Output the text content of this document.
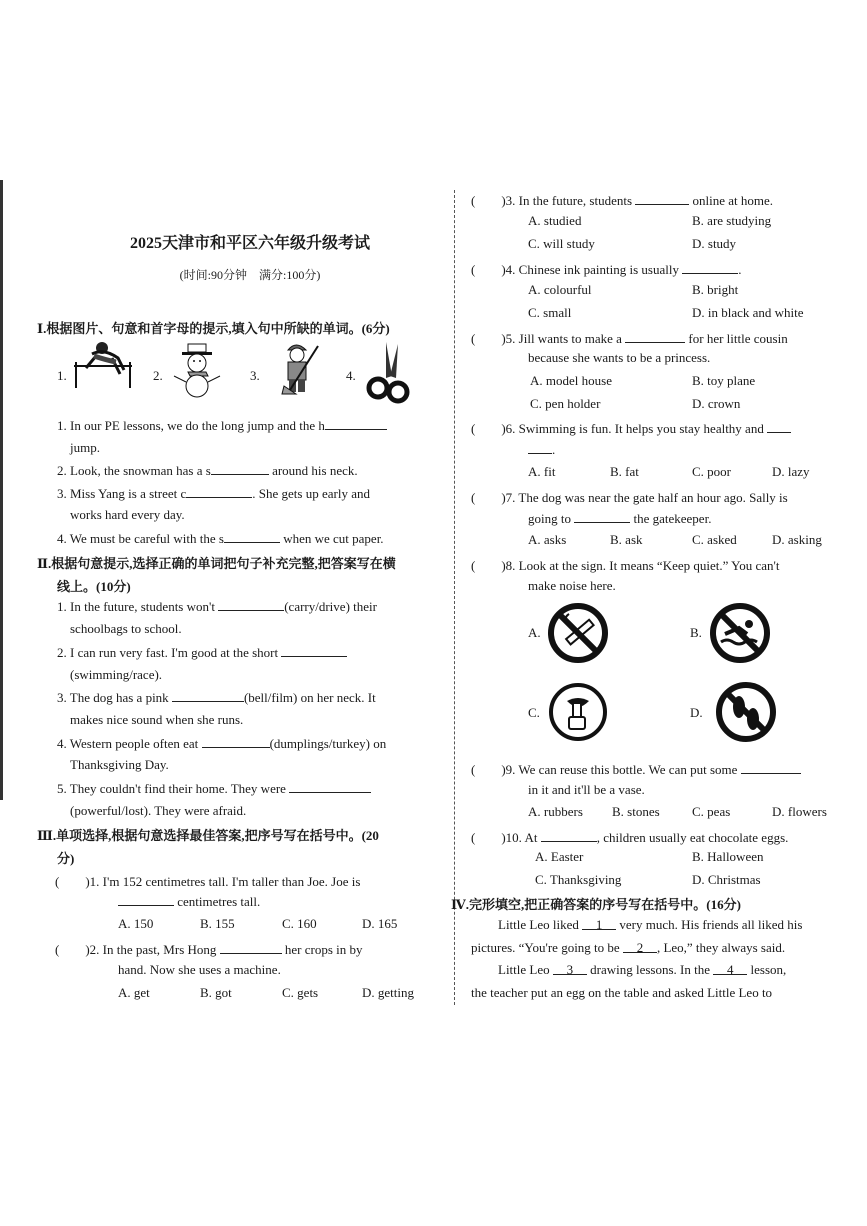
2025天津市和平区六年级升级考试
(时间:90分钟　满分:100分)
Ⅰ.根据图片、句意和首字母的提示,填入句中所缺的单词。(6分)
1.	2.	3.	4.
1. In our PE lessons, we do the long jump and the h
jump.
2. Look, the snowman has a s	around his neck.
3. Miss Yang is a street c	. She gets up early and
works hard every day.
4. We must be careful with the s	when we cut paper.
Ⅱ.根据句意提示,选择正确的单词把句子补充完整,把答案写在横
线上。(10分)
1. In the future, students won't	(carry/drive) their
schoolbags to school.
2. I can run very fast. I'm good at the short
(swimming/race).
3. The dog has a pink	(bell/film) on her neck. It
makes nice sound when she runs.
4. Western people often eat	(dumplings/turkey) on
Thanksgiving Day.
5. They couldn't find their home. They were
(powerful/lost). They were afraid.
Ⅲ.单项选择,根据句意选择最佳答案,把序号写在括号中。(20
分)
(　　)1. I'm 152 centimetres tall. I'm taller than Joe. Joe is
centimetres tall.
A. 150	B. 155	C. 160	D. 165
(　　)2. In the past, Mrs Hong	her crops in by
hand. Now she uses a machine.
A. get	B. got	C. gets	D. getting
(　　)3. In the future, students	online at home.
A. studied	B. are studying
C. will study	D. study
(　　)4. Chinese ink painting is usually	.
A. colourful	B. bright
C. small	D. in black and white
(　　)5. Jill wants to make a	for her little cousin
because she wants to be a princess.
A. model house	B. toy plane
C. pen holder	D. crown
(　　)6. Swimming is fun. It helps you stay healthy and
.
A. fit	B. fat	C. poor	D. lazy
(　　)7. The dog was near the gate half an hour ago. Sally is
going to	the gatekeeper.
A. asks	B. ask	C. asked	D. asking
(　　)8. Look at the sign. It means “Keep quiet.” You can't
make noise here.
A.	B.
C.	D.
(　　)9. We can reuse this bottle. We can put some
in it and it'll be a vase.
A. rubbers	B. stones	C. peas	D. flowers
(　　)10. At	, children usually eat chocolate eggs.
A. Easter	B. Halloween
C. Thanksgiving	D. Christmas
Ⅳ.完形填空,把正确答案的序号写在括号中。(16分)
Little Leo liked 1 very much. His friends all liked his
pictures. “You're going to be 2 , Leo,” they always said.
Little Leo 3 drawing lessons. In the 4 lesson,
the teacher put an egg on the table and asked Little Leo to
